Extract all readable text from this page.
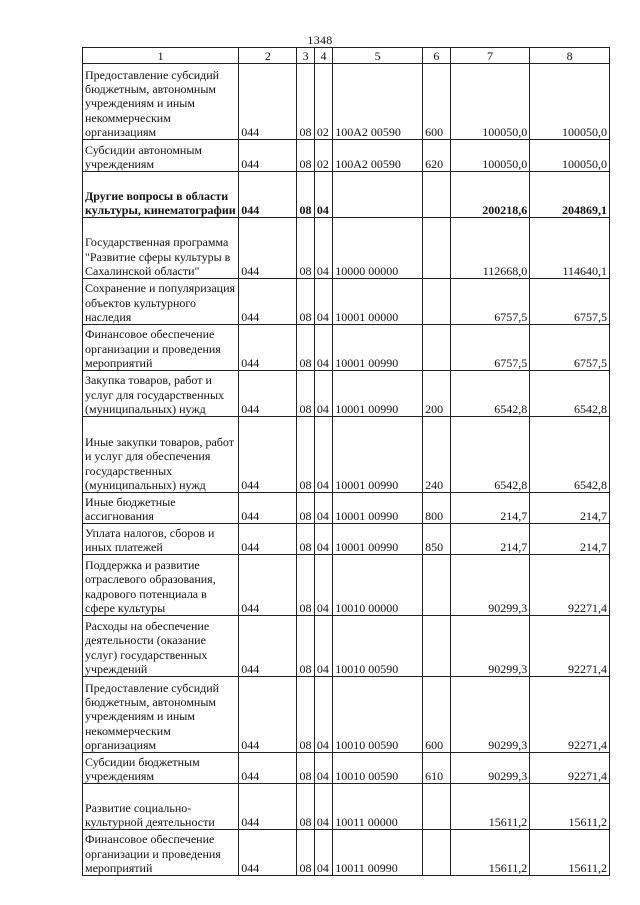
1348
1	2	3	4	5	6	7	8
Предоставление субсидий бюджетным, автономным учреждениям и иным некоммерческим организациям	044	08	02	100A2 00590	600	100050,0	100050,0
Субсидии автономным учреждениям	044	08	02	100A2 00590	620	100050,0	100050,0
Другие вопросы в области культуры, кинематографии	044	08	04			200218,6	204869,1
Государственная программа "Развитие сферы культуры в Сахалинской области"	044	08	04	10000 00000		112668,0	114640,1
Сохранение и популяризация объектов культурного наследия	044	08	04	10001 00000		6757,5	6757,5
Финансовое обеспечение организации и проведения мероприятий	044	08	04	10001 00990		6757,5	6757,5
Закупка товаров, работ и услуг для государственных (муниципальных) нужд	044	08	04	10001 00990	200	6542,8	6542,8
Иные закупки товаров, работ и услуг для обеспечения государственных (муниципальных) нужд	044	08	04	10001 00990	240	6542,8	6542,8
Иные бюджетные ассигнования	044	08	04	10001 00990	800	214,7	214,7
Уплата налогов, сборов и иных платежей	044	08	04	10001 00990	850	214,7	214,7
Поддержка и развитие отраслевого образования, кадрового потенциала в сфере культуры	044	08	04	10010 00000		90299,3	92271,4
Расходы на обеспечение деятельности (оказание услуг) государственных учреждений	044	08	04	10010 00590		90299,3	92271,4
Предоставление субсидий бюджетным, автономным учреждениям и иным некоммерческим организациям	044	08	04	10010 00590	600	90299,3	92271,4
Субсидии бюджетным учреждениям	044	08	04	10010 00590	610	90299,3	92271,4
Развитие социально-культурной деятельности	044	08	04	10011 00000		15611,2	15611,2
Финансовое обеспечение организации и проведения мероприятий	044	08	04	10011 00990		15611,2	15611,2
